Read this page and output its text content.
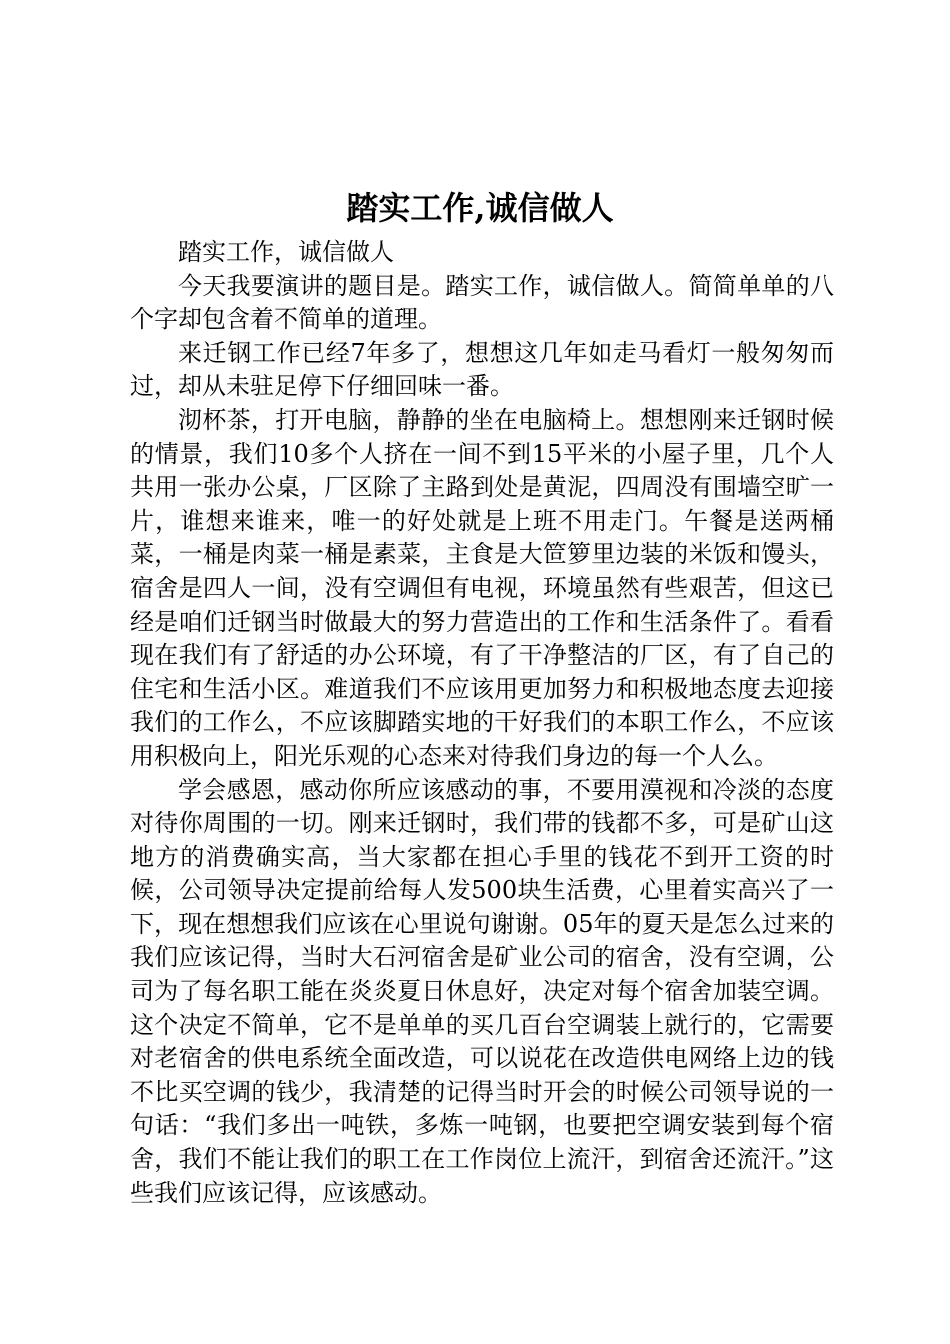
踏实工作,诚信做人

踏实工作，诚信做人

今天我要演讲的题目是。踏实工作，诚信做人。简简单单的八个字却包含着不简单的道理。

来迁钢工作已经7年多了，想想这几年如走马看灯一般匆匆而过，却从未驻足停下仔细回味一番。

沏杯茶，打开电脑，静静的坐在电脑椅上。想想刚来迁钢时候的情景，我们10多个人挤在一间不到15平米的小屋子里，几个人共用一张办公桌，厂区除了主路到处是黄泥，四周没有围墙空旷一片，谁想来谁来，唯一的好处就是上班不用走门。午餐是送两桶菜，一桶是肉菜一桶是素菜，主食是大笸箩里边装的米饭和馒头，宿舍是四人一间，没有空调但有电视，环境虽然有些艰苦，但这已经是咱们迁钢当时做最大的努力营造出的工作和生活条件了。看看现在我们有了舒适的办公环境，有了干净整洁的厂区，有了自己的住宅和生活小区。难道我们不应该用更加努力和积极地态度去迎接我们的工作么，不应该脚踏实地的干好我们的本职工作么，不应该用积极向上，阳光乐观的心态来对待我们身边的每一个人么。

学会感恩，感动你所应该感动的事，不要用漠视和冷淡的态度对待你周围的一切。刚来迁钢时，我们带的钱都不多，可是矿山这地方的消费确实高，当大家都在担心手里的钱花不到开工资的时候，公司领导决定提前给每人发500块生活费，心里着实高兴了一下，现在想想我们应该在心里说句谢谢。05年的夏天是怎么过来的我们应该记得，当时大石河宿舍是矿业公司的宿舍，没有空调，公司为了每名职工能在炎炎夏日休息好，决定对每个宿舍加装空调。这个决定不简单，它不是单单的买几百台空调装上就行的，它需要对老宿舍的供电系统全面改造，可以说花在改造供电网络上边的钱不比买空调的钱少，我清楚的记得当时开会的时候公司领导说的一句话：“我们多出一吨铁，多炼一吨钢，也要把空调安装到每个宿舍，我们不能让我们的职工在工作岗位上流汗，到宿舍还流汗。”这些我们应该记得，应该感动。
